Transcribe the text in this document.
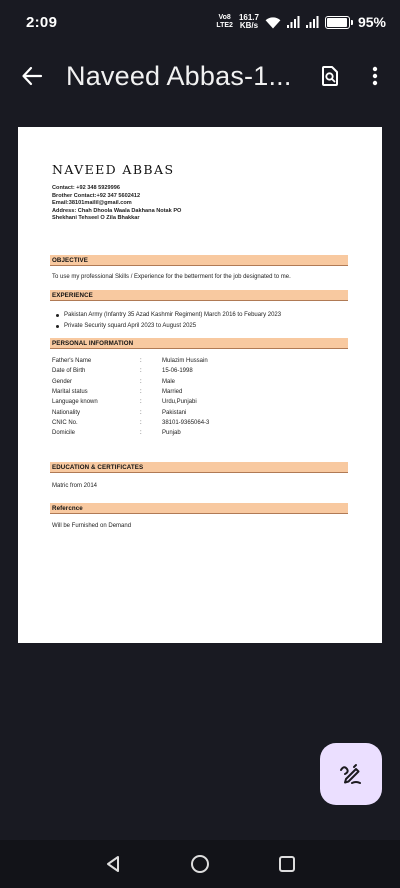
2:09	Vo8
LTE2
161.7
KB/s	95%
Naveed Abbas-1...
NAVEED ABBAS
Contact: +92 348 5929996
Brother Contact:+92 347 5602412
Email:38101mailil@gmail.com
Address: Chah Dhoola Waala Dakhana Notak PO
Shekhani Tehseel O Zila Bhakkar
OBJECTIVE
To use my professional Skills / Experience for the betterment for the job designated to me.
EXPERIENCE
Pakistan Army (Infantry 35 Azad Kashmir Regiment) March 2016 to Febuary 2023
Private Security squard April 2023 to August 2025
PERSONAL INFORMATION
Father's Name	:	Mulazim Hussain
Date of Birth	:	15-06-1998
Gender	:	Male
Marital status	:	Married
Language known	:	Urdu,Punjabi
Nationality	:	Pakistani
CNIC No.	:	38101-9365064-3
Domicile	:	Punjab
EDUCATION & CERTIFICATES
Matric from 2014
Refercnce
Will be Furnished on Demand
